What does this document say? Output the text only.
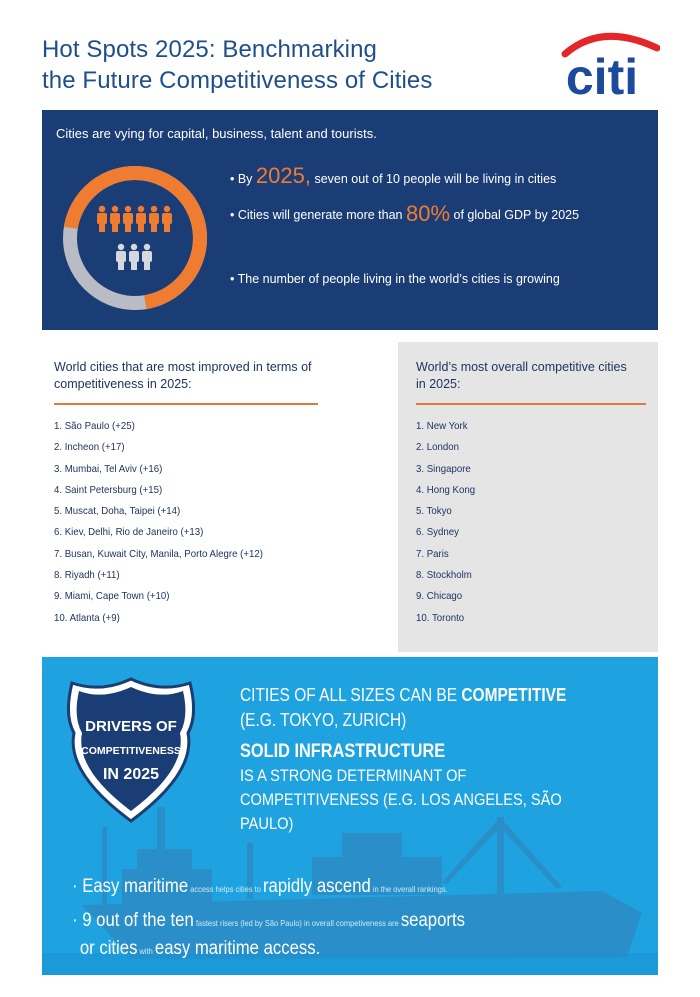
Hot Spots 2025: Benchmarking
the Future Competitiveness of Cities	citi
Cities are vying for capital, business, talent and tourists.
• By 2025, seven out of 10 people will be living in cities
• Cities will generate more than 80% of global GDP by 2025
• The number of people living in the world’s cities is growing
World cities that are most improved in terms of competitiveness in 2025:
1. São Paulo (+25)
2. Incheon (+17)
3. Mumbai, Tel Aviv (+16)
4. Saint Petersburg (+15)
5. Muscat, Doha, Taipei (+14)
6. Kiev, Delhi, Rio de Janeiro (+13)
7. Busan, Kuwait City, Manila, Porto Alegre (+12)
8. Riyadh (+11)
9. Miami, Cape Town (+10)
10. Atlanta (+9)
World’s most overall competitive cities in 2025:
1. New York
2. London
3. Singapore
4. Hong Kong
5. Tokyo
6. Sydney
7. Paris
8. Stockholm
9. Chicago
10. Toronto
DRIVERS OF
COMPETITIVENESS
IN 2025
CITIES OF ALL SIZES CAN BE COMPETITIVE
(E.G. TOKYO, ZURICH)
SOLID INFRASTRUCTURE
IS A STRONG DETERMINANT OF COMPETITIVENESS (E.G. LOS ANGELES, SÃO PAULO)
· Easy maritime access helps cities to rapidly ascend in the overall rankings.
· 9 out of the ten fastest risers (led by São Paulo) in overall competiveness are seaports
or cities with easy maritime access.
